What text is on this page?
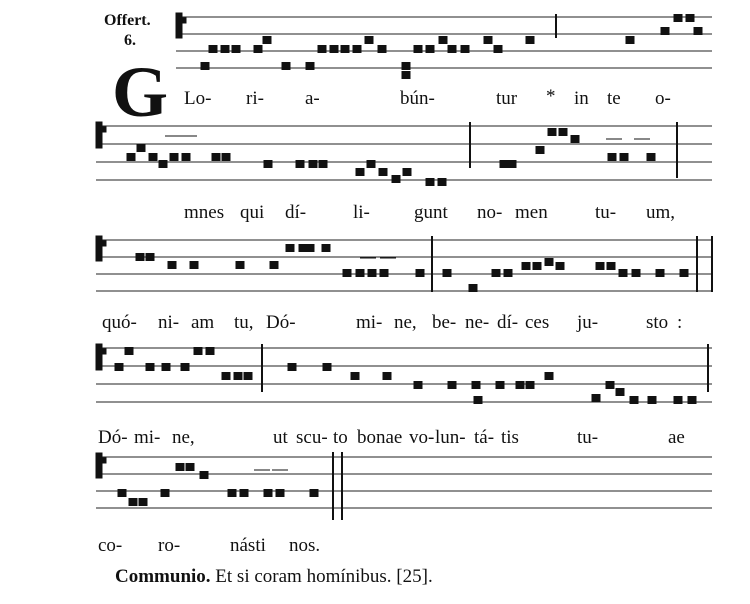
Offert.
6.
G Lo- ri- a-	bún-	tur * in te o-
mnes qui dí- li- gunt no- men tu- um,
quó- ni- am tu, Dó-	mi- ne, be- ne- dí- ces ju-	sto :
Dó- mi- ne,	ut scu- to bonae vo- lun- tá- tis	tu-	ae
co- ro-	násti nos.
Communio. Et si coram homínibus. [25].
